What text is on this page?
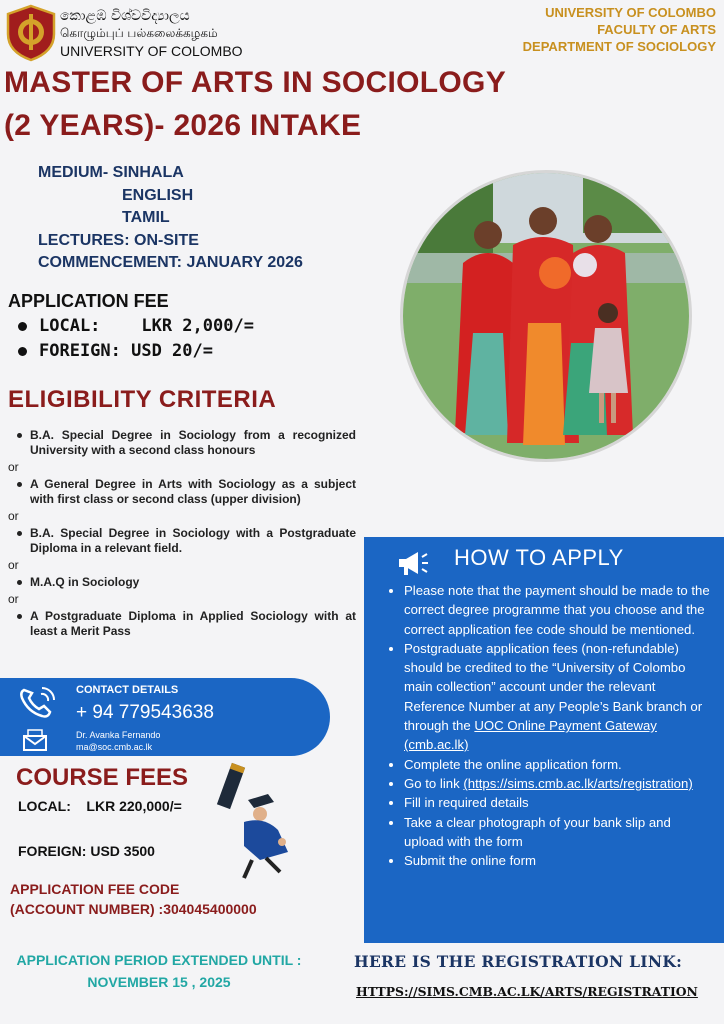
කොළඹ විශ්වවිද්‍යාලය
கொழும்புப் பல்கலைக்கழகம்
UNIVERSITY OF COLOMBO
UNIVERSITY OF COLOMBO
FACULTY OF ARTS
DEPARTMENT OF SOCIOLOGY
MASTER OF ARTS IN SOCIOLOGY
(2 YEARS)- 2026 INTAKE
MEDIUM- SINHALA
ENGLISH
TAMIL
LECTURES: ON-SITE
COMMENCEMENT: JANUARY 2026
APPLICATION FEE
LOCAL:    LKR 2,000/=
FOREIGN: USD 20/=
ELIGIBILITY CRITERIA
B.A. Special Degree in Sociology from a recognized University with a second class honours
or
A General Degree in Arts with Sociology as a subject with first class or second class (upper division)
or
B.A. Special Degree in Sociology with a Postgraduate Diploma in a relevant field.
or
M.A.Q in Sociology
or
A Postgraduate Diploma in Applied Sociology with at least a Merit Pass
CONTACT DETAILS
+ 94 779543638
Dr. Avanka Fernando
ma@soc.cmb.ac.lk
COURSE FEES
LOCAL:    LKR 220,000/=
FOREIGN: USD 3500
APPLICATION FEE CODE
(ACCOUNT NUMBER) :304045400000
APPLICATION PERIOD EXTENDED UNTIL :
NOVEMBER 15 , 2025
HOW TO APPLY
• Please note that the payment should be made to the correct degree programme that you choose and the correct application fee code should be mentioned.
• Postgraduate application fees (non-refundable) should be credited to the “University of Colombo main collection” account under the relevant Reference Number at any People’s Bank branch or through the UOC Online Payment Gateway (cmb.ac.lk)
• Complete the online application form.
• Go to link (https://sims.cmb.ac.lk/arts/registration)
• Fill in required details
• Take a clear photograph of your bank slip and upload with the form
• Submit the online form
HERE IS THE REGISTRATION LINK:
HTTPS://SIMS.CMB.AC.LK/ARTS/REGISTRATION
